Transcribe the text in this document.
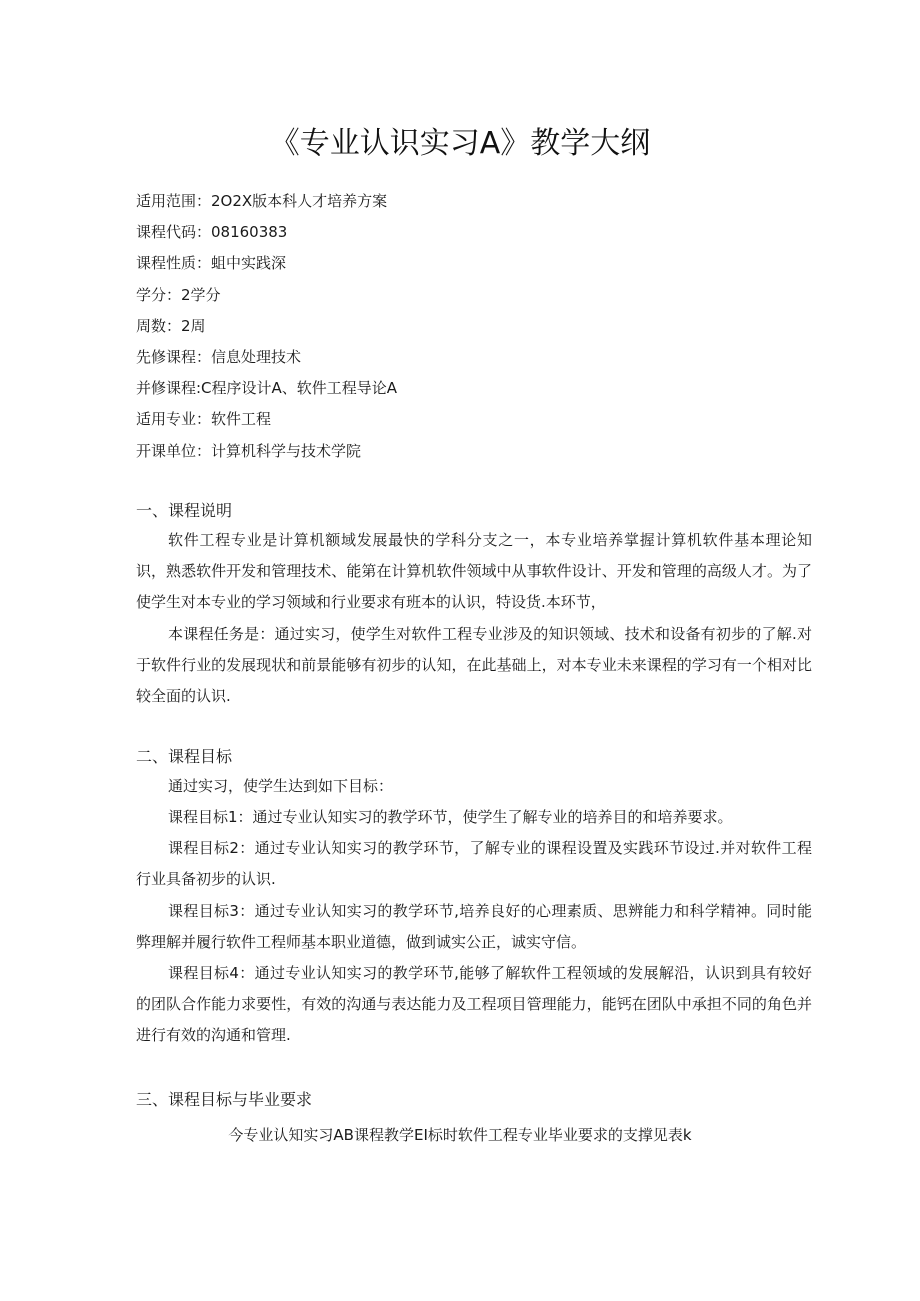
《专业认识实习A》教学大纲
适用范围：2O2X版本科人才培养方案
课程代码：08160383
课程性质：蛆中实践深
学分：2学分
周数：2周
先修课程：信息处理技术
并修课程:C程序设计A、软件工程导论A
适用专业：软件工程
开课单位：计算机科学与技术学院
一、课程说明
软件工程专业是计算机额域发展最快的学科分支之一，本专业培养掌握计算机软件基本理论知识，熟悉软件开发和管理技术、能第在计算机软件领域中从事软件设计、开发和管理的高级人才。为了使学生对本专业的学习领域和行业要求有班本的认识，特设货.本环节，
本课程任务是：通过实习，使学生对软件工程专业涉及的知识领域、技术和设备有初步的了解.对于软件行业的发展现状和前景能够有初步的认知，在此基础上，对本专业未来课程的学习有一个相对比较全面的认识.
二、课程目标
通过实习，使学生达到如下目标：
课程目标1：通过专业认知实习的教学环节，使学生了解专业的培养目的和培养要求。
课程目标2：通过专业认知实习的教学环节，了解专业的课程设置及实践环节设过.并对软件工程行业具备初步的认识.
课程目标3：通过专业认知实习的教学环节,培养良好的心理素质、思辨能力和科学精神。同时能弊理解并履行软件工程师基本职业道德，做到诚实公正，诚实守信。
课程目标4：通过专业认知实习的教学环节,能够了解软件工程领域的发展解沿，认识到具有较好的团队合作能力求要性，有效的沟通与表达能力及工程项目管理能力，能钙在团队中承担不同的角色并进行有效的沟通和管理.
三、课程目标与毕业要求
今专业认知实习AB课程教学EI标时软件工程专业毕业要求的支撑见表k
